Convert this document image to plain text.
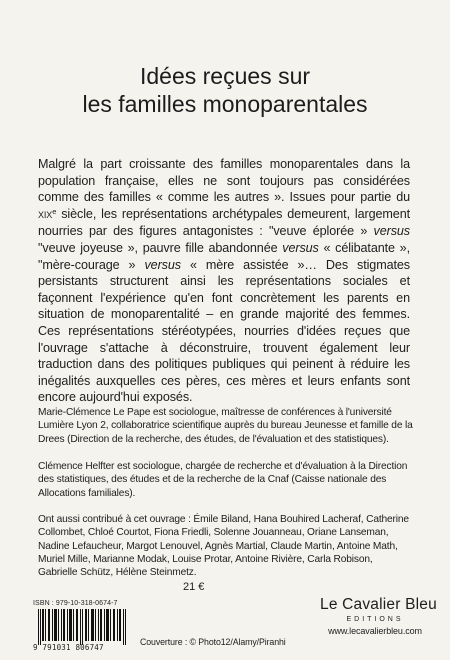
Idées reçues sur
les familles monoparentales
Malgré la part croissante des familles monoparentales dans la population française, elles ne sont toujours pas considérées comme des familles « comme les autres ». Issues pour partie du XIXe siècle, les représentations archétypales demeurent, largement nourries par des figures antagonistes : "veuve éplorée » versus "veuve joyeuse », pauvre fille abandonnée versus « célibatante », "mère-courage » versus « mère assistée »… Des stigmates persistants structurent ainsi les représentations sociales et façonnent l'expérience qu'en font concrètement les parents en situation de monoparentalité – en grande majorité des femmes. Ces représentations stéréotypées, nourries d'idées reçues que l'ouvrage s'attache à déconstruire, trouvent également leur traduction dans des politiques publiques qui peinent à réduire les inégalités auxquelles ces pères, ces mères et leurs enfants sont encore aujourd'hui exposés.
Marie-Clémence Le Pape est sociologue, maîtresse de conférences à l'université Lumière Lyon 2, collaboratrice scientifique auprès du bureau Jeunesse et famille de la Drees (Direction de la recherche, des études, de l'évaluation et des statistiques).
Clémence Helfter est sociologue, chargée de recherche et d'évaluation à la Direction des statistiques, des études et de la recherche de la Cnaf (Caisse nationale des Allocations familiales).
Ont aussi contribué à cet ouvrage : Émile Biland, Hana Bouhired Lacheraf, Catherine Collombet, Chloé Courtot, Fiona Friedli, Solenne Jouanneau, Oriane Lanseman, Nadine Lefaucheur, Margot Lenouvel, Agnès Martial, Claude Martin, Antoine Math, Muriel Mille, Marianne Modak, Louise Protar, Antoine Rivière, Carla Robison, Gabrielle Schütz, Hélène Steinmetz.
21 €
ISBN : 979-10-318-0674-7
9 791031 806747
Couverture : © Photo12/Alamy/Piranhi
Le Cavalier Bleu
EDITIONS
www.lecavalierbleu.com
